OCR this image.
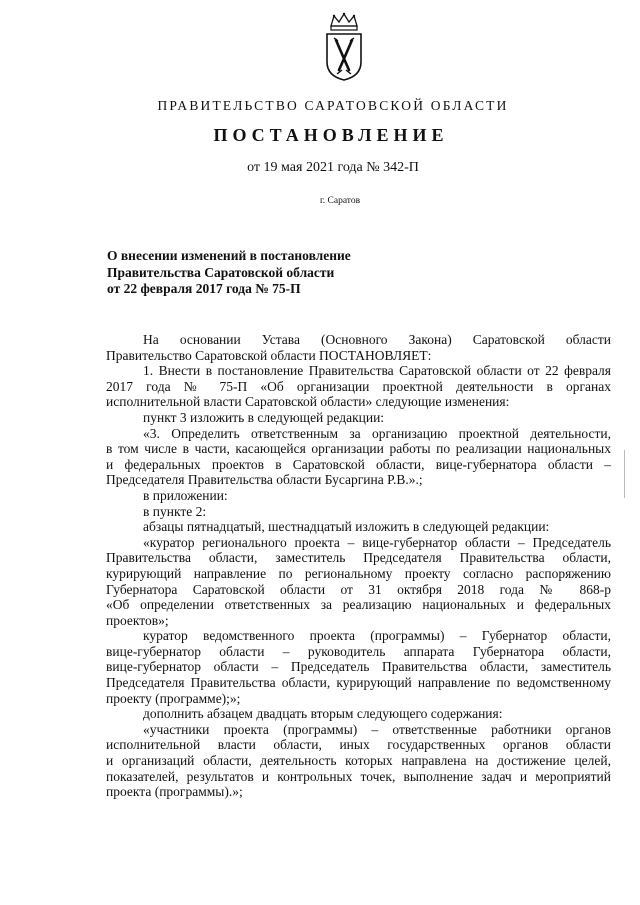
ПРАВИТЕЛЬСТВО САРАТОВСКОЙ ОБЛАСТИ
ПОСТАНОВЛЕНИЕ
от 19 мая 2021 года № 342-П
г. Саратов
О внесении изменений в постановление
Правительства Саратовской области
от 22 февраля 2017 года № 75-П
На основании Устава (Основного Закона) Саратовской области
Правительство Саратовской области ПОСТАНОВЛЯЕТ:
1. Внести в постановление Правительства Саратовской области от 22 февраля
2017 года № 75-П «Об организации проектной деятельности в органах
исполнительной власти Саратовской области» следующие изменения:
пункт 3 изложить в следующей редакции:
«3. Определить ответственным за организацию проектной деятельности,
в том числе в части, касающейся организации работы по реализации национальных
и федеральных проектов в Саратовской области, вице-губернатора области –
Председателя Правительства области Бусаргина Р.В.».;
в приложении:
в пункте 2:
абзацы пятнадцатый, шестнадцатый изложить в следующей редакции:
«куратор регионального проекта – вице-губернатор области – Председатель
Правительства области, заместитель Председателя Правительства области,
курирующий направление по региональному проекту согласно распоряжению
Губернатора Саратовской области от 31 октября 2018 года № 868-р
«Об определении ответственных за реализацию национальных и федеральных
проектов»;
куратор ведомственного проекта (программы) – Губернатор области,
вице-губернатор области – руководитель аппарата Губернатора области,
вице-губернатор области – Председатель Правительства области, заместитель
Председателя Правительства области, курирующий направление по ведомственному
проекту (программе);»;
дополнить абзацем двадцать вторым следующего содержания:
«участники проекта (программы) – ответственные работники органов
исполнительной власти области, иных государственных органов области
и организаций области, деятельность которых направлена на достижение целей,
показателей, результатов и контрольных точек, выполнение задач и мероприятий
проекта (программы).»;
